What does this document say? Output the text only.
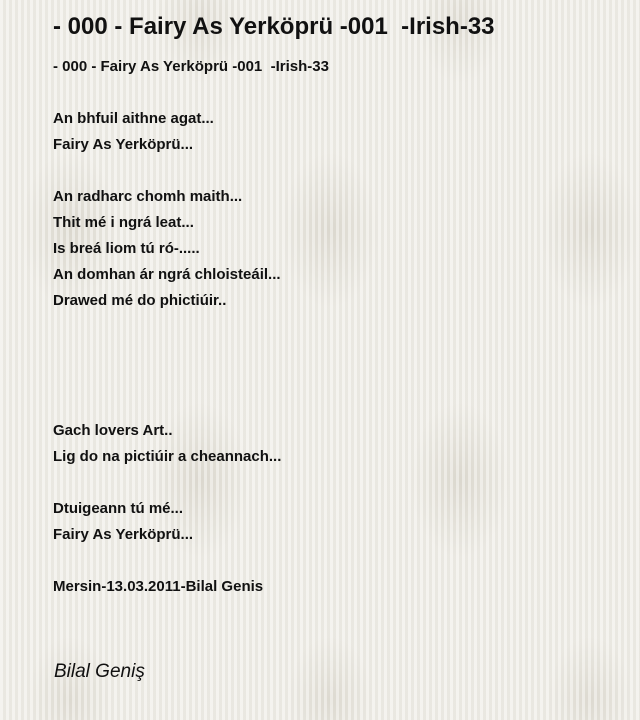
- 000 - Fairy As Yerköprü -001  -Irish-33
- 000 - Fairy As Yerköprü -001  -Irish-33
An bhfuil aithne agat...
Fairy As Yerköprü...
An radharc chomh maith...
Thit mé i ngrá leat...
Is breá liom tú ró-.....
An domhan ár ngrá chloisteáil...
Drawed mé do phictiúir..
Gach lovers Art..
Lig do na pictiúir a cheannach...
Dtuigeann tú mé...
Fairy As Yerköprü...
Mersin-13.03.2011-Bilal Genis
Bilal Geniş
